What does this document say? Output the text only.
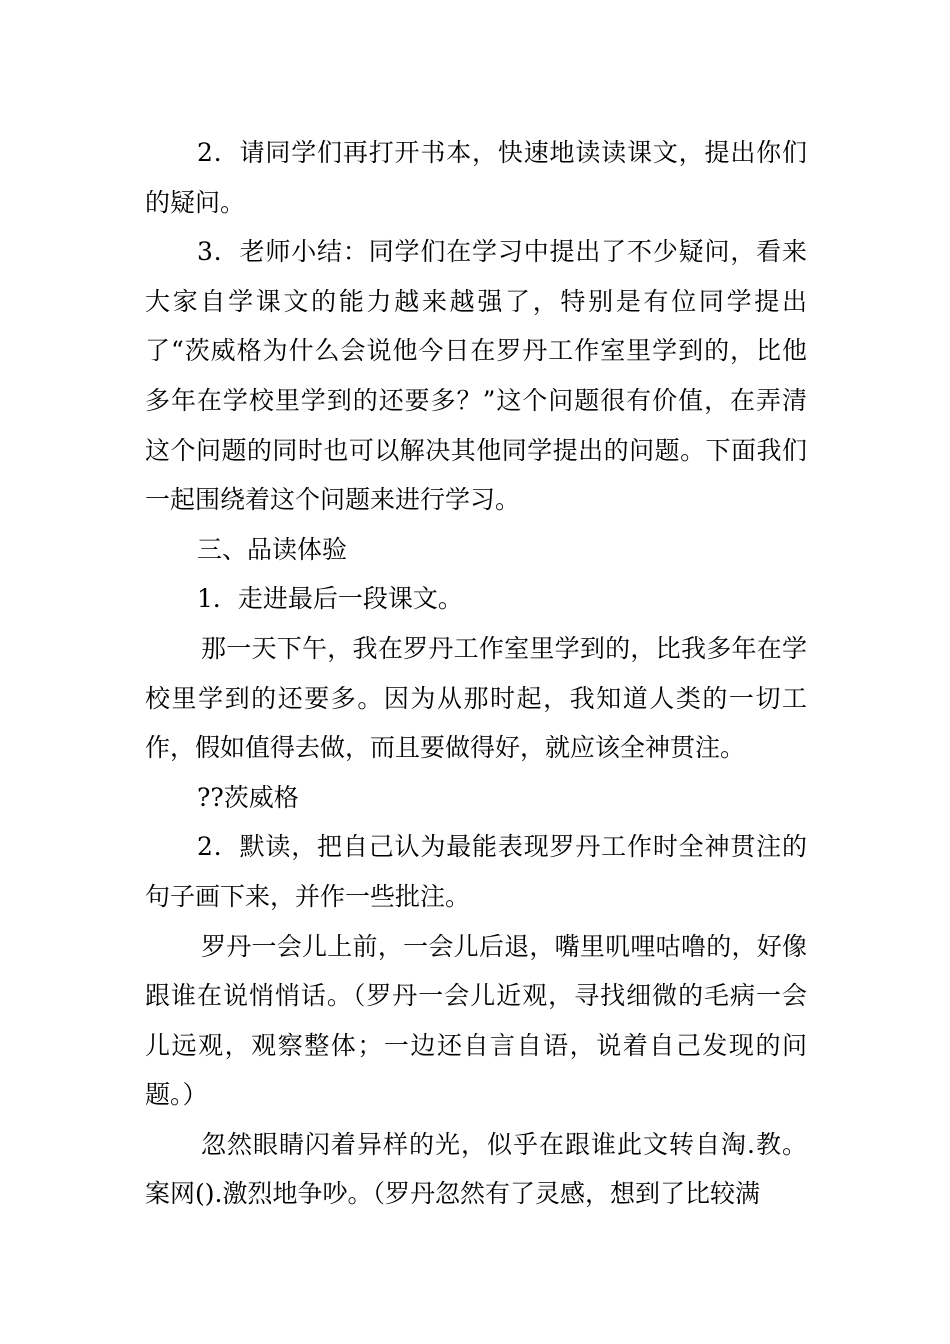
2．请同学们再打开书本，快速地读读课文，提出你们的疑问。

3．老师小结：同学们在学习中提出了不少疑问，看来大家自学课文的能力越来越强了，特别是有位同学提出了“茨威格为什么会说他今日在罗丹工作室里学到的，比他多年在学校里学到的还要多？”这个问题很有价值，在弄清这个问题的同时也可以解决其他同学提出的问题。下面我们一起围绕着这个问题来进行学习。

三、品读体验

1．走进最后一段课文。

那一天下午，我在罗丹工作室里学到的，比我多年在学校里学到的还要多。因为从那时起，我知道人类的一切工作，假如值得去做，而且要做得好，就应该全神贯注。

??茨威格

2．默读，把自己认为最能表现罗丹工作时全神贯注的句子画下来，并作一些批注。

罗丹一会儿上前，一会儿后退，嘴里叽哩咕噜的，好像跟谁在说悄悄话。（罗丹一会儿近观，寻找细微的毛病一会儿远观，观察整体；一边还自言自语，说着自己发现的问题。）

忽然眼睛闪着异样的光，似乎在跟谁此文转自淘.教。案网().激烈地争吵。（罗丹忽然有了灵感，想到了比较满
